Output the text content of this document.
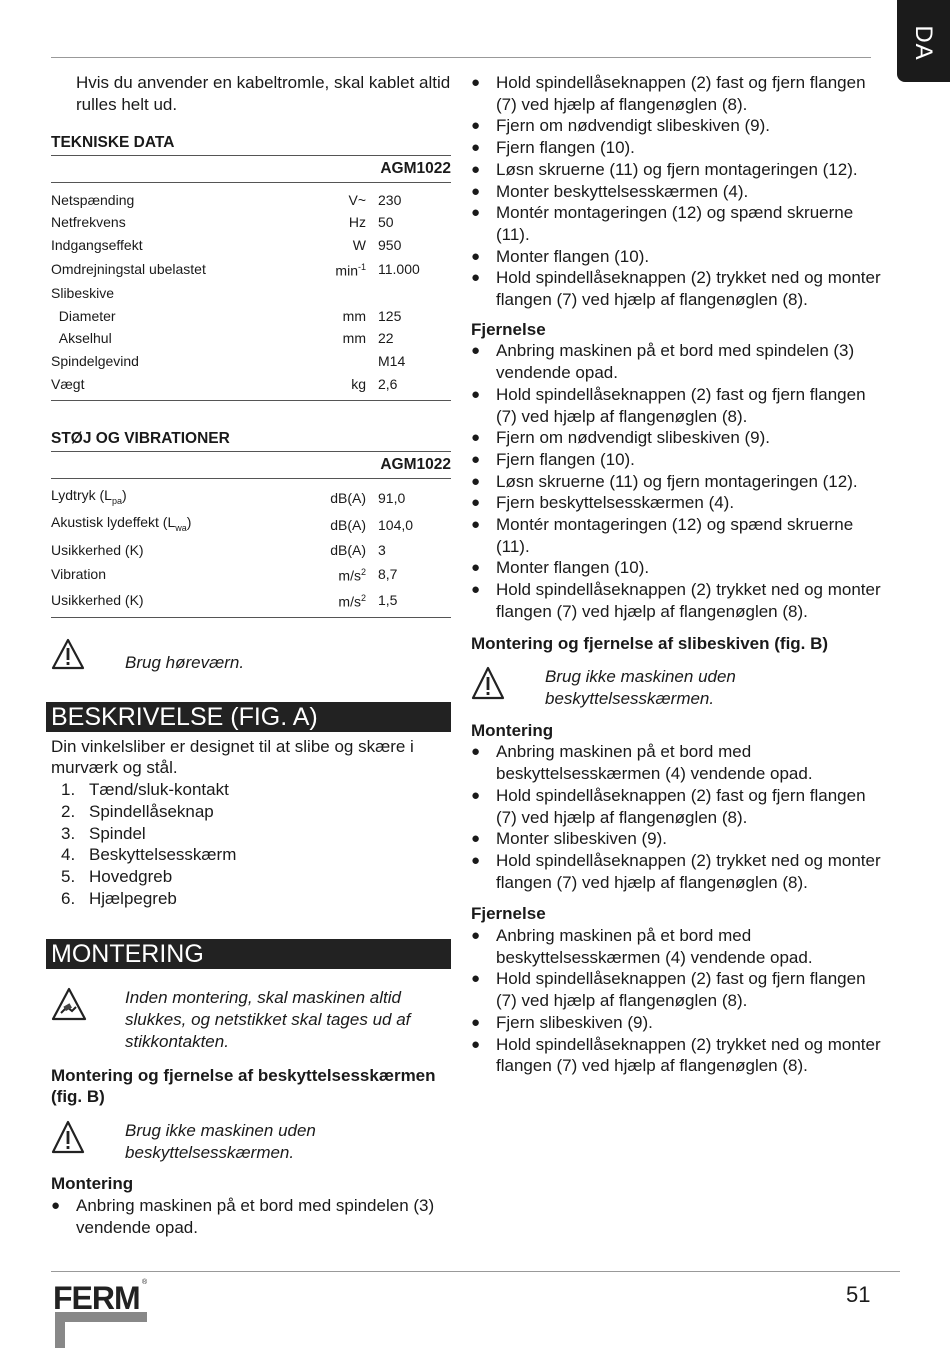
DA

Hvis du anvender en kabeltromle, skal kablet altid rulles helt ud.

TEKNISKE DATA
AGM1022
Netspænding	V~	230
Netfrekvens	Hz	50
Indgangseffekt	W	950
Omdrejningstal ubelastet	$\min^{-1}$	11.000
Slibeskive		
Diameter	mm	125
Akselhul	mm	22
Spindelgevind		M14
Vægt	kg	2,6
STØJ OG VIBRATIONER
AGM1022
Lydtryk $(L_{pa})$	dB(A)	91,0
Akustisk lydeffekt $(L_{wa})$	dB(A)	104,0
Usikkerhed (K)	dB(A)	3
Vibration	$m/s^2$	8,7
Usikkerhed (K)	$m/s^2$	1,5
Brug høreværn.
BESKRIVELSE (FIG. A)

Din vinkelsliber er designet til at slibe og skære i murværk og stål.

1. Tænd/sluk-kontakt
2. Spindellåseknap
3. Spindel
4. Beskyttelsesskærm
5. Hovedgreb
6. Hjælpegreb
MONTERING
Inden montering, skal maskinen altid slukkes, og netstikket skal tages ud af stikkontakten.

Montering og fjernelse af beskyttelsesskærmen (fig. B)

Brug ikke maskinen uden beskyttelsesskærmen.

Montering

● Anbring maskinen på et bord med spindelen (3) vendende opad.
● Hold spindellåseknappen (2) fast og fjern flangen (7) ved hjælp af flangenøglen (8).
● Fjern om nødvendigt slibeskiven (9).
● Fjern flangen (10).
● Løsn skruerne (11) og fjern montageringen (12).
● Monter beskyttelsesskærmen (4).
● Montér montageringen (12) og spænd skruerne (11).
● Monter flangen (10).
● Hold spindellåseknappen (2) trykket ned og monter flangen (7) ved hjælp af flangenøglen (8).

Fjernelse

● Anbring maskinen på et bord med spindelen (3) vendende opad.
● Hold spindellåseknappen (2) fast og fjern flangen (7) ved hjælp af flangenøglen (8).
● Fjern om nødvendigt slibeskiven (9).
● Fjern flangen (10).
● Løsn skruerne (11) og fjern montageringen (12).
● Fjern beskyttelsesskærmen (4).
● Montér montageringen (12) og spænd skruerne (11).
● Monter flangen (10).
● Hold spindellåseknappen (2) trykket ned og monter flangen (7) ved hjælp af flangenøglen (8).

Montering og fjernelse af slibeskiven (fig. B)

Brug ikke maskinen uden beskyttelsesskærmen.

Montering

● Anbring maskinen på et bord med beskyttelsesskærmen (4) vendende opad.
● Hold spindellåseknappen (2) fast og fjern flangen (7) ved hjælp af flangenøglen (8).
● Monter slibeskiven (9).
● Hold spindellåseknappen (2) trykket ned og monter flangen (7) ved hjælp af flangenøglen (8).

Fjernelse

● Anbring maskinen på et bord med beskyttelsesskærmen (4) vendende opad.
● Hold spindellåseknappen (2) fast og fjern flangen (7) ved hjælp af flangenøglen (8).
● Fjern slibeskiven (9).
● Hold spindellåseknappen (2) trykket ned og monter flangen (7) ved hjælp af flangenøglen (8).
FERM ®	51
